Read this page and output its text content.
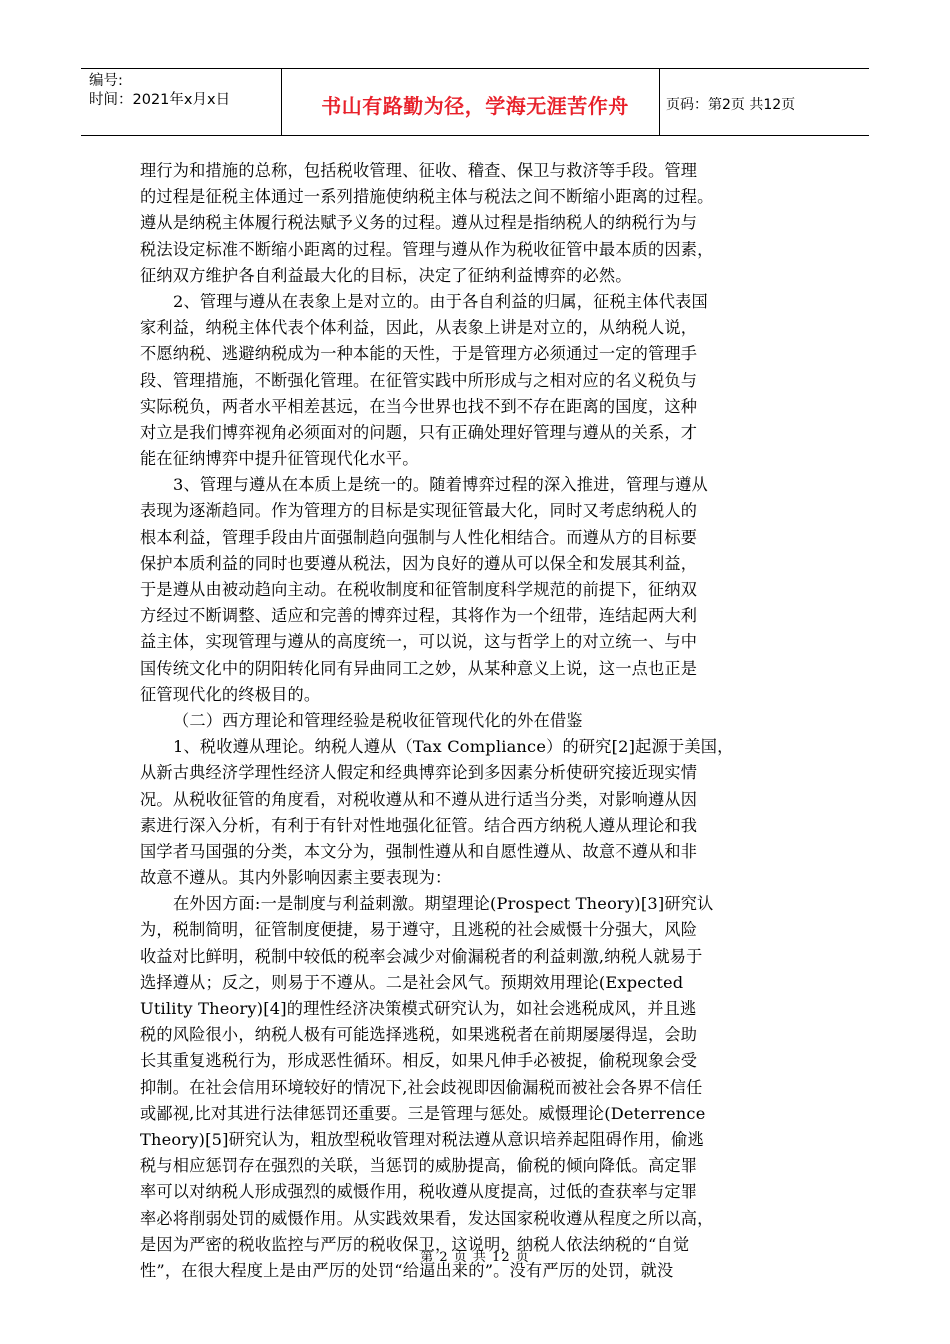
编号:
时间：2021年x月x日	书山有路勤为径，学海无涯苦作舟	页码：第2页 共12页
理行为和措施的总称，包括税收管理、征收、稽查、保卫与救济等手段。管理
的过程是征税主体通过一系列措施使纳税主体与税法之间不断缩小距离的过程。
遵从是纳税主体履行税法赋予义务的过程。遵从过程是指纳税人的纳税行为与
税法设定标准不断缩小距离的过程。管理与遵从作为税收征管中最本质的因素，
征纳双方维护各自利益最大化的目标，决定了征纳利益博弈的必然。
2、管理与遵从在表象上是对立的。由于各自利益的归属，征税主体代表国
家利益，纳税主体代表个体利益，因此，从表象上讲是对立的，从纳税人说，
不愿纳税、逃避纳税成为一种本能的天性，于是管理方必须通过一定的管理手
段、管理措施，不断强化管理。在征管实践中所形成与之相对应的名义税负与
实际税负，两者水平相差甚远，在当今世界也找不到不存在距离的国度，这种
对立是我们博弈视角必须面对的问题，只有正确处理好管理与遵从的关系，才
能在征纳博弈中提升征管现代化水平。
3、管理与遵从在本质上是统一的。随着博弈过程的深入推进，管理与遵从
表现为逐渐趋同。作为管理方的目标是实现征管最大化，同时又考虑纳税人的
根本利益，管理手段由片面强制趋向强制与人性化相结合。而遵从方的目标要
保护本质利益的同时也要遵从税法，因为良好的遵从可以保全和发展其利益，
于是遵从由被动趋向主动。在税收制度和征管制度科学规范的前提下，征纳双
方经过不断调整、适应和完善的博弈过程，其将作为一个纽带，连结起两大利
益主体，实现管理与遵从的高度统一，可以说，这与哲学上的对立统一、与中
国传统文化中的阴阳转化同有异曲同工之妙，从某种意义上说，这一点也正是
征管现代化的终极目的。
（二）西方理论和管理经验是税收征管现代化的外在借鉴
1、税收遵从理论。纳税人遵从（Tax Compliance）的研究[2]起源于美国，
从新古典经济学理性经济人假定和经典博弈论到多因素分析使研究接近现实情
况。从税收征管的角度看，对税收遵从和不遵从进行适当分类，对影响遵从因
素进行深入分析，有利于有针对性地强化征管。结合西方纳税人遵从理论和我
国学者马国强的分类，本文分为，强制性遵从和自愿性遵从、故意不遵从和非
故意不遵从。其内外影响因素主要表现为：
在外因方面:一是制度与利益刺激。期望理论(Prospect Theory)[3]研究认
为，税制简明，征管制度便捷，易于遵守，且逃税的社会威慑十分强大，风险
收益对比鲜明，税制中较低的税率会减少对偷漏税者的利益刺激,纳税人就易于
选择遵从；反之，则易于不遵从。二是社会风气。预期效用理论(Expected
Utility Theory)[4]的理性经济决策模式研究认为，如社会逃税成风，并且逃
税的风险很小，纳税人极有可能选择逃税，如果逃税者在前期屡屡得逞，会助
长其重复逃税行为，形成恶性循环。相反，如果凡伸手必被捉，偷税现象会受
抑制。在社会信用环境较好的情况下,社会歧视即因偷漏税而被社会各界不信任
或鄙视,比对其进行法律惩罚还重要。三是管理与惩处。威慑理论(Deterrence
Theory)[5]研究认为，粗放型税收管理对税法遵从意识培养起阻碍作用，偷逃
税与相应惩罚存在强烈的关联，当惩罚的威胁提高，偷税的倾向降低。高定罪
率可以对纳税人形成强烈的威慑作用，税收遵从度提高，过低的查获率与定罪
率必将削弱处罚的威慑作用。从实践效果看，发达国家税收遵从程度之所以高，
是因为严密的税收监控与严厉的税收保卫，这说明，纳税人依法纳税的“自觉
性”，在很大程度上是由严厉的处罚“给逼出来的”。没有严厉的处罚，就没
第 2 页 共 12 页
